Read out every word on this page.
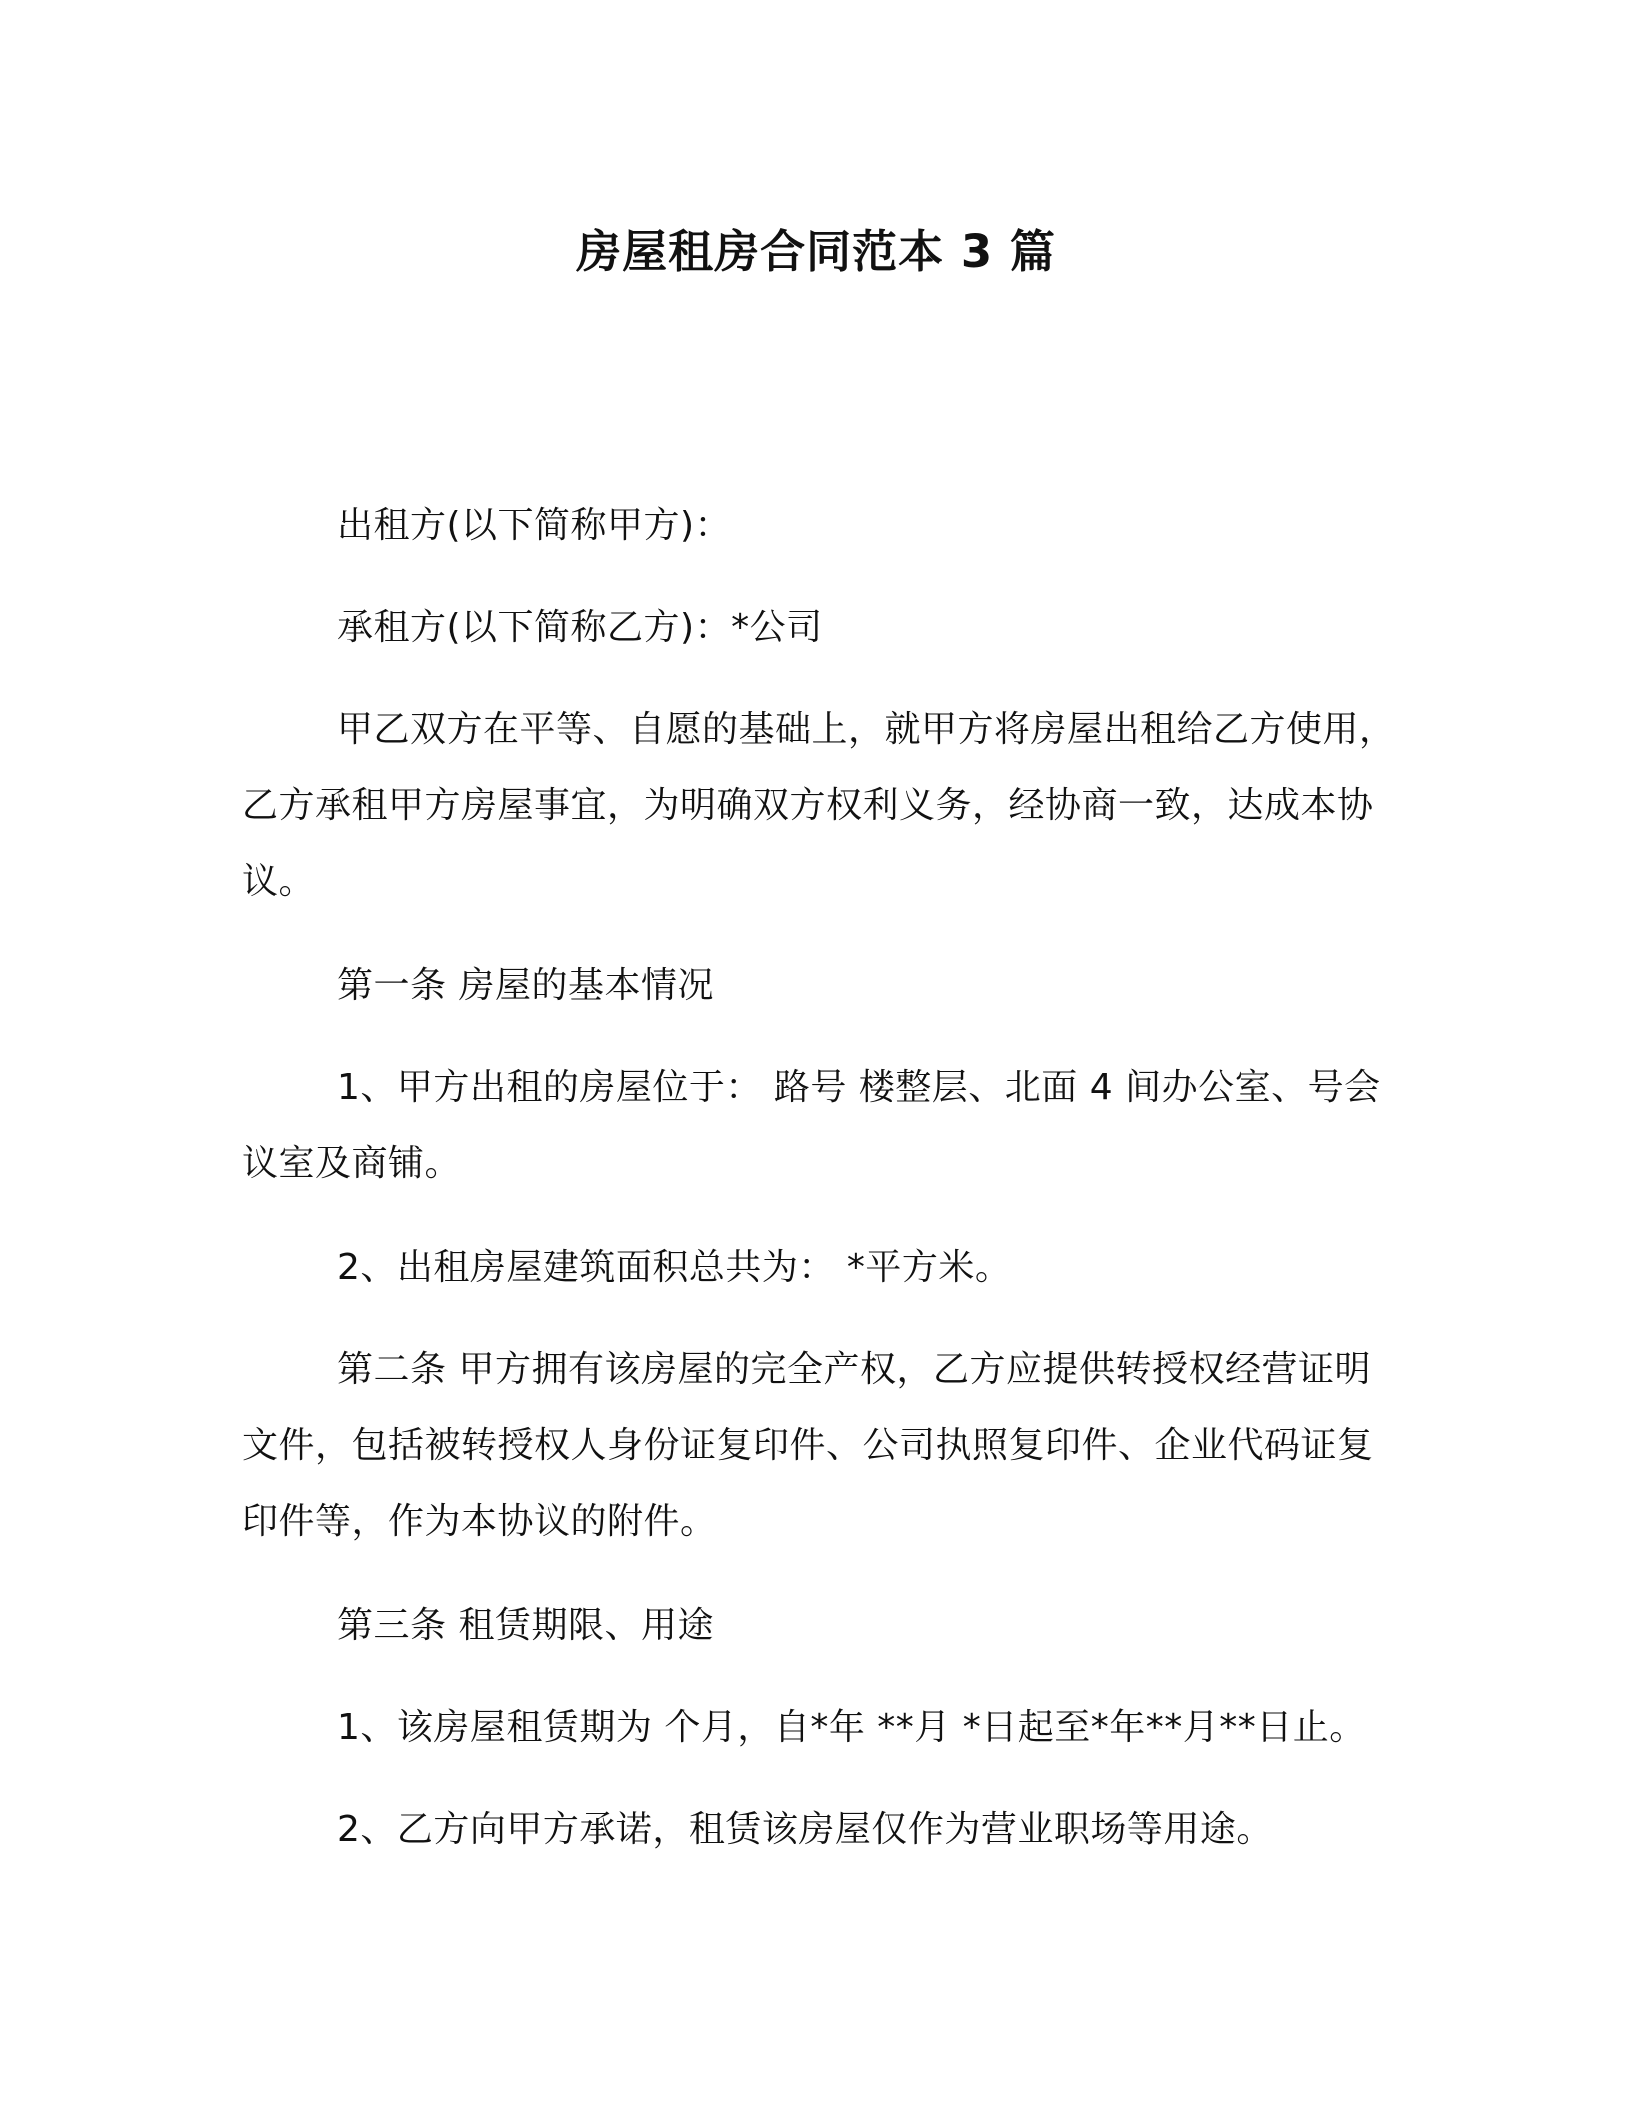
房屋租房合同范本 3 篇
出租方(以下简称甲方)：
承租方(以下简称乙方)：*公司
甲乙双方在平等、自愿的基础上，就甲方将房屋出租给乙方使用，乙方承租甲方房屋事宜，为明确双方权利义务，经协商一致，达成本协议。
第一条 房屋的基本情况
1、甲方出租的房屋位于： 路号 楼整层、北面 4 间办公室、号会议室及商铺。
2、出租房屋建筑面积总共为： *平方米。
第二条 甲方拥有该房屋的完全产权，乙方应提供转授权经营证明文件，包括被转授权人身份证复印件、公司执照复印件、企业代码证复印件等，作为本协议的附件。
第三条 租赁期限、用途
1、该房屋租赁期为 个月，自*年 **月 *日起至*年**月**日止。
2、乙方向甲方承诺，租赁该房屋仅作为营业职场等用途。
